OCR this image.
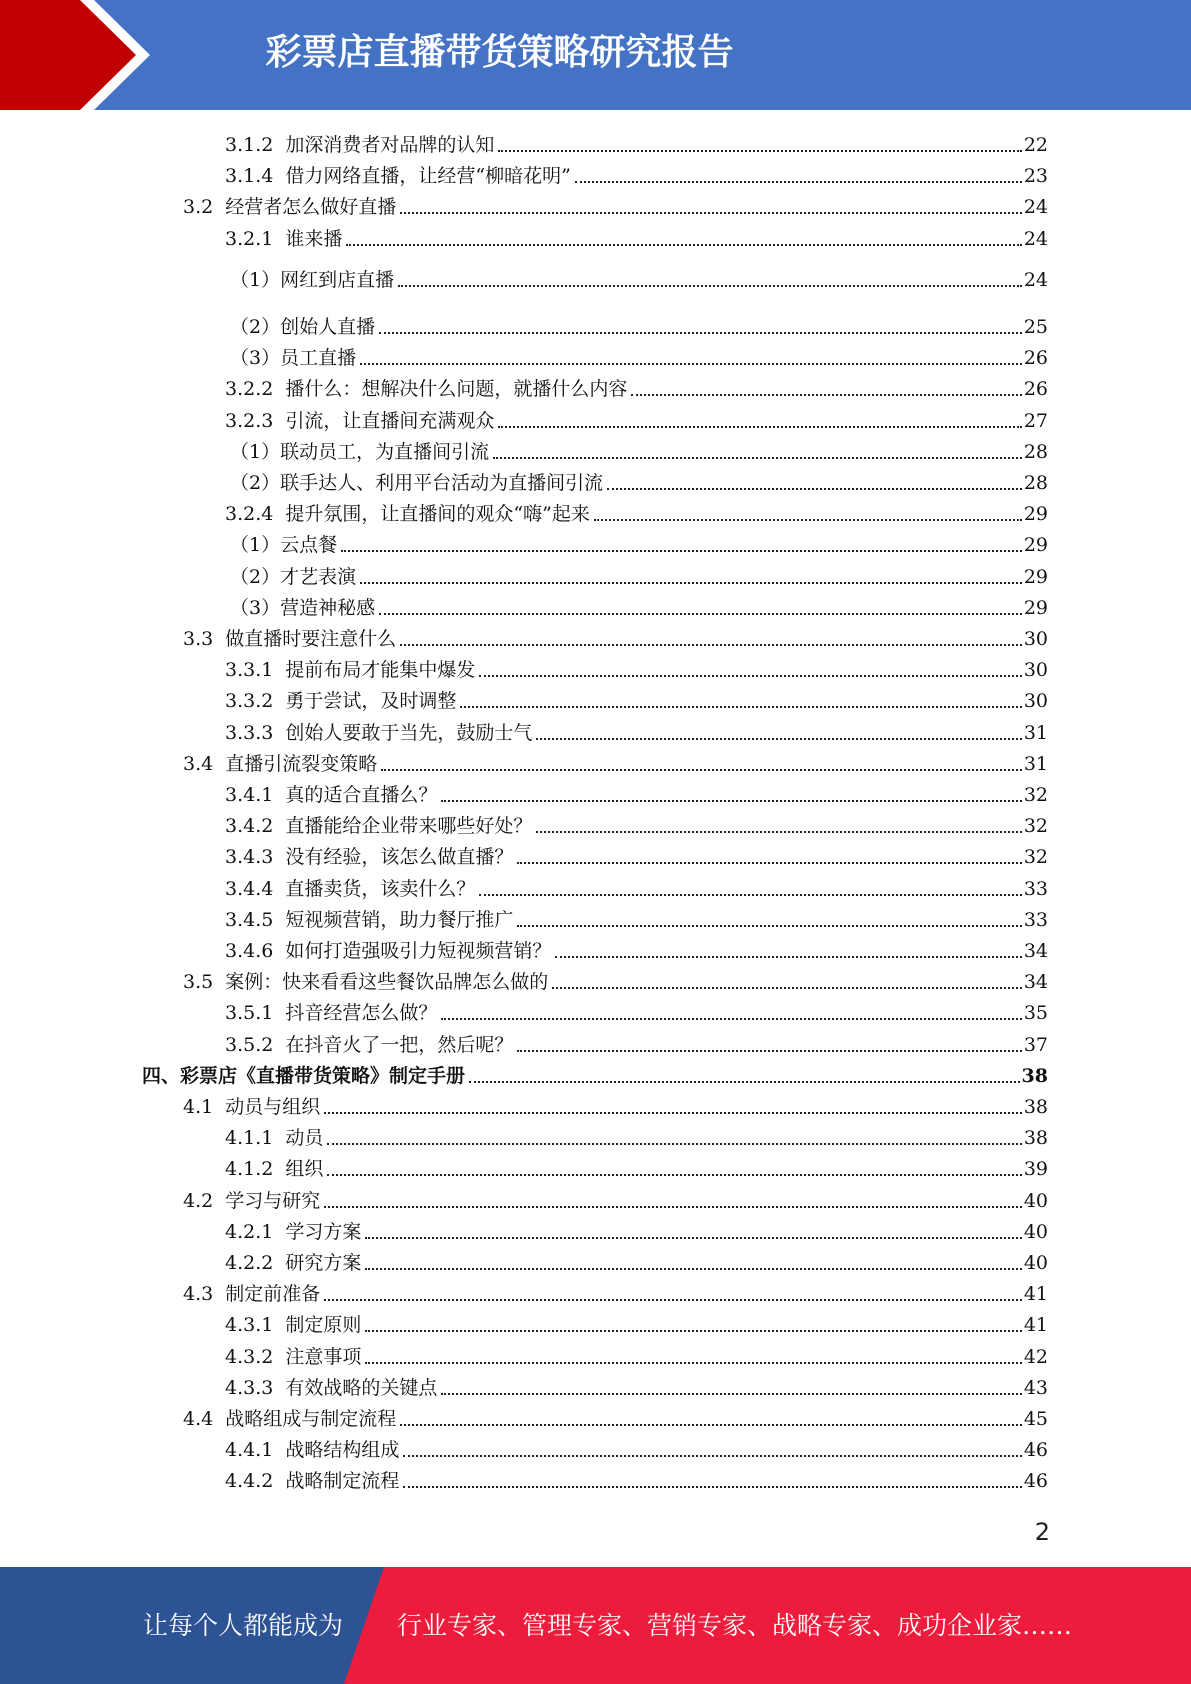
彩票店直播带货策略研究报告
3.1.2  加深消费者对品牌的认知	22
3.1.4  借力网络直播，让经营“柳暗花明”	23
3.2  经营者怎么做好直播	24
3.2.1  谁来播	24
（1）网红到店直播	24
（2）创始人直播	25
（3）员工直播	26
3.2.2  播什么：想解决什么问题，就播什么内容	26
3.2.3  引流，让直播间充满观众	27
（1）联动员工，为直播间引流	28
（2）联手达人、利用平台活动为直播间引流	28
3.2.4  提升氛围，让直播间的观众“嗨”起来	29
（1）云点餐	29
（2）才艺表演	29
（3）营造神秘感	29
3.3  做直播时要注意什么	30
3.3.1  提前布局才能集中爆发	30
3.3.2  勇于尝试，及时调整	30
3.3.3  创始人要敢于当先，鼓励士气	31
3.4  直播引流裂变策略	31
3.4.1  真的适合直播么？	32
3.4.2  直播能给企业带来哪些好处？	32
3.4.3  没有经验，该怎么做直播？	32
3.4.4  直播卖货，该卖什么？	33
3.4.5  短视频营销，助力餐厅推广	33
3.4.6  如何打造强吸引力短视频营销？	34
3.5  案例：快来看看这些餐饮品牌怎么做的	34
3.5.1  抖音经营怎么做？	35
3.5.2  在抖音火了一把，然后呢？	37
四、彩票店《直播带货策略》制定手册	38
4.1  动员与组织	38
4.1.1  动员	38
4.1.2  组织	39
4.2  学习与研究	40
4.2.1  学习方案	40
4.2.2  研究方案	40
4.3  制定前准备	41
4.3.1  制定原则	41
4.3.2  注意事项	42
4.3.3  有效战略的关键点	43
4.4  战略组成与制定流程	45
4.4.1  战略结构组成	46
4.4.2  战略制定流程	46
2
让每个人都能成为 行业专家、管理专家、营销专家、战略专家、成功企业家……
